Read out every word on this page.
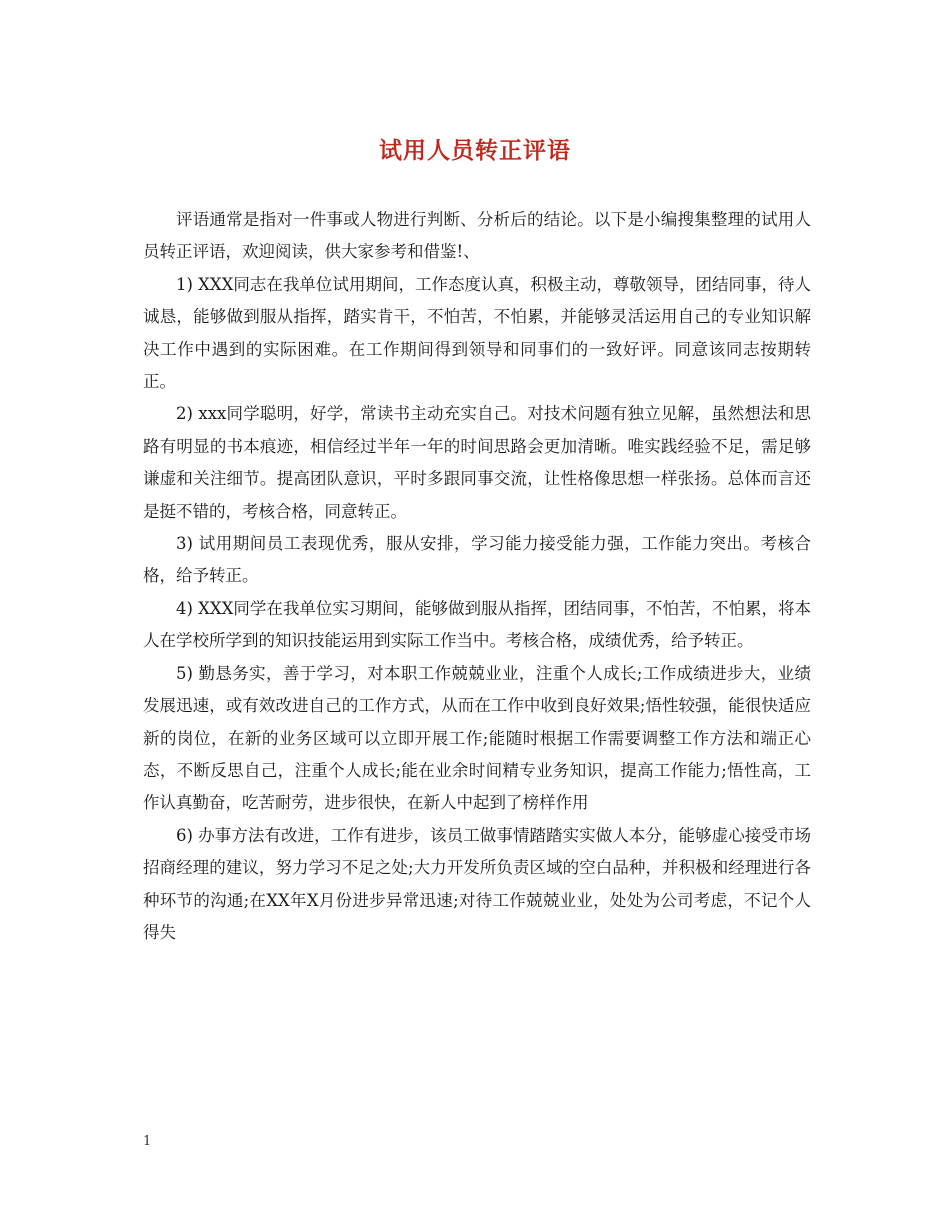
试用人员转正评语

评语通常是指对一件事或人物进行判断、分析后的结论。以下是小编搜集整理的试用人员转正评语，欢迎阅读，供大家参考和借鉴!、

1) XXX同志在我单位试用期间，工作态度认真，积极主动，尊敬领导，团结同事，待人诚恳，能够做到服从指挥，踏实肯干，不怕苦，不怕累，并能够灵活运用自己的专业知识解决工作中遇到的实际困难。在工作期间得到领导和同事们的一致好评。同意该同志按期转正。

2) xxx同学聪明，好学，常读书主动充实自己。对技术问题有独立见解，虽然想法和思路有明显的书本痕迹，相信经过半年一年的时间思路会更加清晰。唯实践经验不足，需足够谦虚和关注细节。提高团队意识，平时多跟同事交流，让性格像思想一样张扬。总体而言还是挺不错的，考核合格，同意转正。

3) 试用期间员工表现优秀，服从安排，学习能力接受能力强，工作能力突出。考核合格，给予转正。

4) XXX同学在我单位实习期间，能够做到服从指挥，团结同事，不怕苦，不怕累，将本人在学校所学到的知识技能运用到实际工作当中。考核合格，成绩优秀，给予转正。

5) 勤恳务实，善于学习，对本职工作兢兢业业，注重个人成长;工作成绩进步大，业绩发展迅速，或有效改进自己的工作方式，从而在工作中收到良好效果;悟性较强，能很快适应新的岗位，在新的业务区域可以立即开展工作;能随时根据工作需要调整工作方法和端正心态，不断反思自己，注重个人成长;能在业余时间精专业务知识，提高工作能力;悟性高，工作认真勤奋，吃苦耐劳，进步很快，在新人中起到了榜样作用

6) 办事方法有改进，工作有进步，该员工做事情踏踏实实做人本分，能够虚心接受市场招商经理的建议，努力学习不足之处;大力开发所负责区域的空白品种，并积极和经理进行各种环节的沟通;在XX年X月份进步异常迅速;对待工作兢兢业业，处处为公司考虑，不记个人得失

1
